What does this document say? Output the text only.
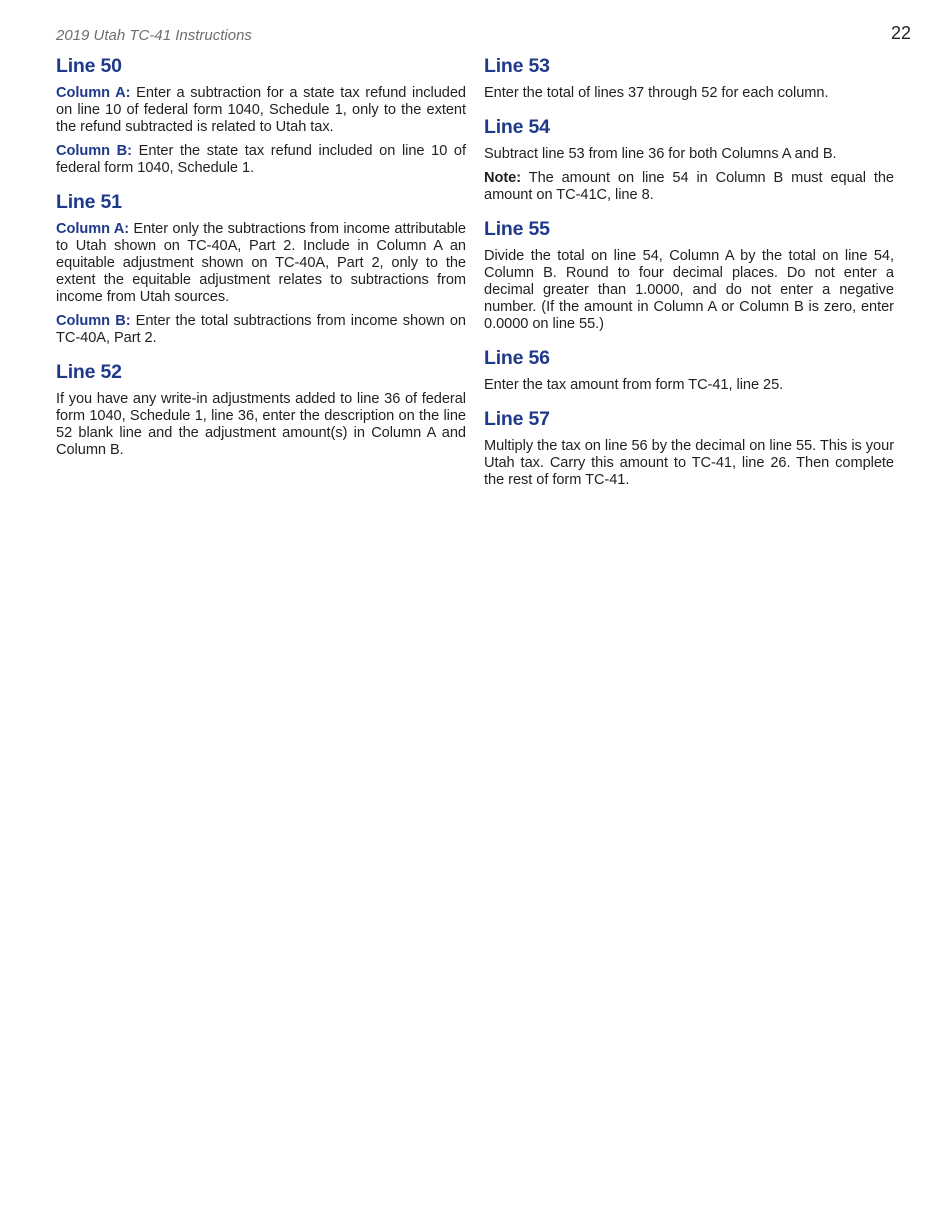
2019 Utah TC-41 Instructions	22
Line 50

Column A: Enter a subtraction for a state tax refund included on line 10 of federal form 1040, Schedule 1, only to the extent the refund subtracted is related to Utah tax.

Column B: Enter the state tax refund included on line 10 of federal form 1040, Schedule 1.

Line 51

Column A: Enter only the subtractions from income attributable to Utah shown on TC-40A, Part 2. Include in Column A an equitable adjustment shown on TC-40A, Part 2, only to the extent the equitable adjustment relates to subtractions from income from Utah sources.

Column B: Enter the total subtractions from income shown on TC-40A, Part 2.

Line 52

If you have any write-in adjustments added to line 36 of federal form 1040, Schedule 1, line 36, enter the description on the line 52 blank line and the adjustment amount(s) in Column A and Column B.

Line 53

Enter the total of lines 37 through 52 for each column.

Line 54

Subtract line 53 from line 36 for both Columns A and B.

Note: The amount on line 54 in Column B must equal the amount on TC-41C, line 8.

Line 55

Divide the total on line 54, Column A by the total on line 54, Column B. Round to four decimal places. Do not enter a decimal greater than 1.0000, and do not enter a negative number. (If the amount in Column A or Column B is zero, enter 0.0000 on line 55.)

Line 56

Enter the tax amount from form TC-41, line 25.

Line 57

Multiply the tax on line 56 by the decimal on line 55. This is your Utah tax. Carry this amount to TC-41, line 26. Then complete the rest of form TC-41.
